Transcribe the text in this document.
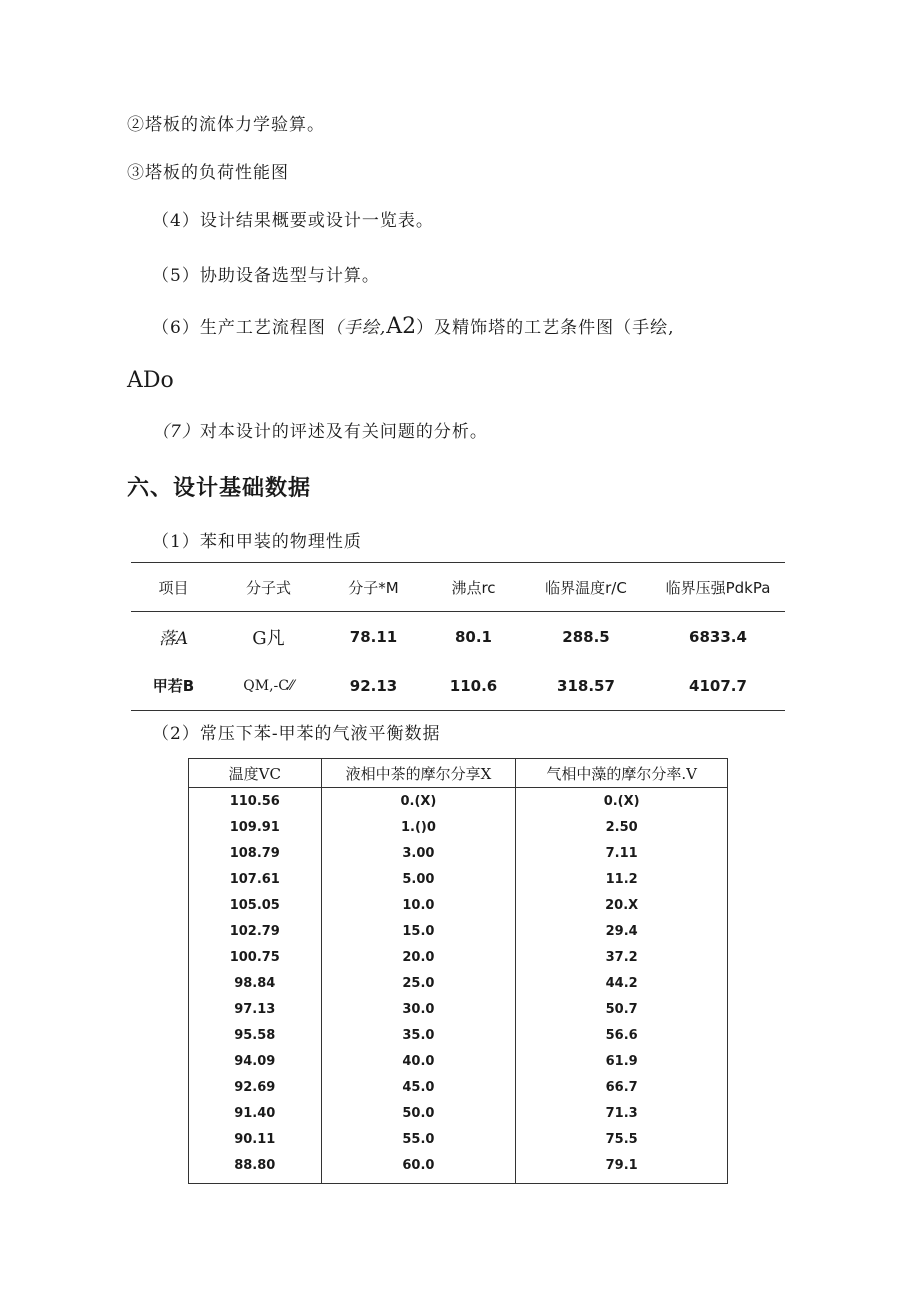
②塔板的流体力学验算。
③塔板的负荷性能图
（4）设计结果概要或设计一览表。
（5）协助设备选型与计算。
（6）生产工艺流程图（手绘,A2）及精饰塔的工艺条件图（手绘,
ADo
（7）对本设计的评述及有关问题的分析。
六、设计基础数据
（1）苯和甲装的物理性质
项目	分子式	分子*M	沸点rc	临界温度r/C	临界压强PdkPa
落A	G凡	78.11	80.1	288.5	6833.4
甲若B	QM,-C⁄⁄	92.13	110.6	318.57	4107.7
（2）常压下苯-甲苯的气液平衡数据
温度VC	液相中茶的摩尔分享X	气相中藻的摩尔分率.V
110.56	0.(X)	0.(X)
109.91	1.()0	2.50
108.79	3.00	7.11
107.61	5.00	11.2
105.05	10.0	20.X
102.79	15.0	29.4
100.75	20.0	37.2
98.84	25.0	44.2
97.13	30.0	50.7
95.58	35.0	56.6
94.09	40.0	61.9
92.69	45.0	66.7
91.40	50.0	71.3
90.11	55.0	75.5
88.80	60.0	79.1
